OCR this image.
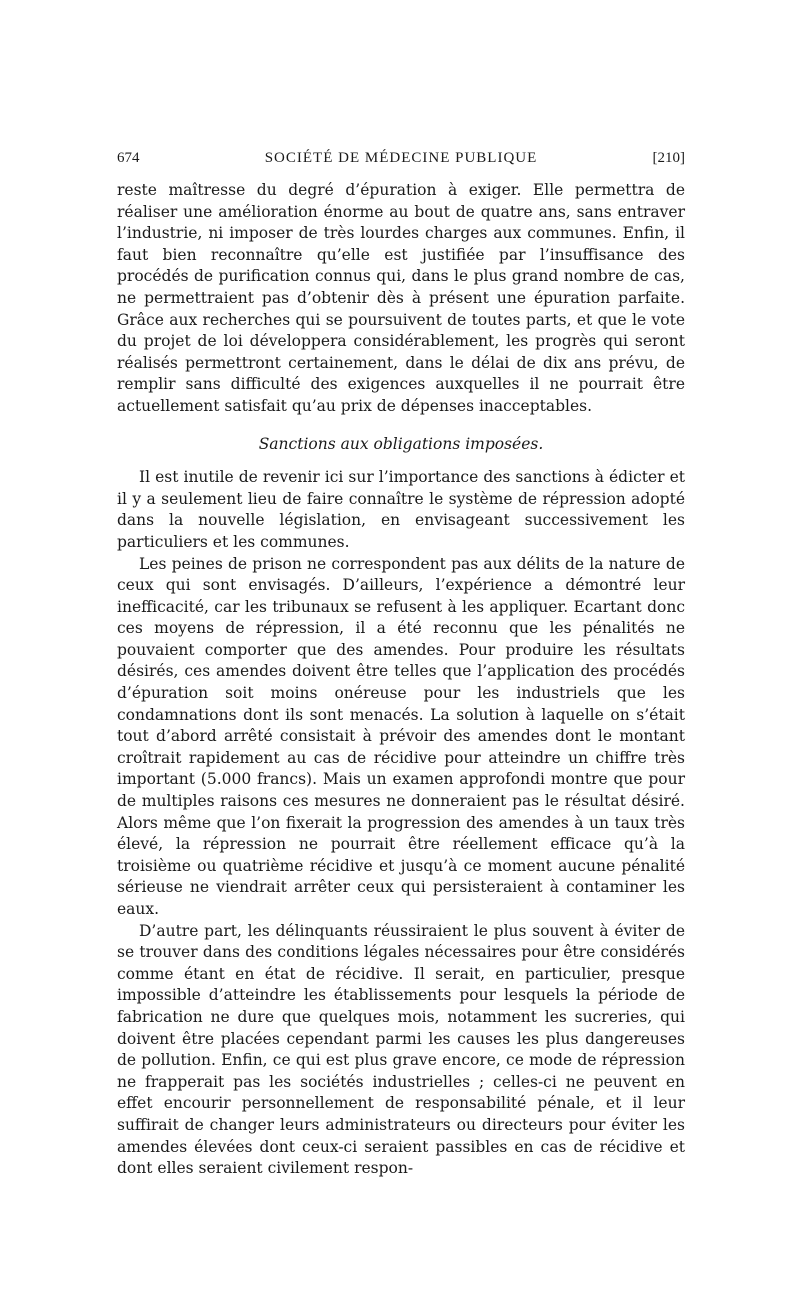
674	SOCIÉTÉ DE MÉDECINE PUBLIQUE	[210]

reste maîtresse du degré d’épuration à exiger. Elle permettra de réaliser une amélioration énorme au bout de quatre ans, sans entraver l’industrie, ni imposer de très lourdes charges aux communes. Enfin, il faut bien reconnaître qu’elle est justifiée par l’insuffisance des procédés de purification connus qui, dans le plus grand nombre de cas, ne permettraient pas d’obtenir dès à présent une épuration parfaite. Grâce aux recherches qui se poursuivent de toutes parts, et que le vote du projet de loi développera considérablement, les progrès qui seront réalisés permettront certainement, dans le délai de dix ans prévu, de remplir sans difficulté des exigences auxquelles il ne pourrait être actuellement satisfait qu’au prix de dépenses inacceptables.

Sanctions aux obligations imposées.

Il est inutile de revenir ici sur l’importance des sanctions à édicter et il y a seulement lieu de faire connaître le système de répression adopté dans la nouvelle législation, en envisageant successivement les particuliers et les communes.

Les peines de prison ne correspondent pas aux délits de la nature de ceux qui sont envisagés. D’ailleurs, l’expérience a démontré leur inefficacité, car les tribunaux se refusent à les appliquer. Ecartant donc ces moyens de répression, il a été reconnu que les pénalités ne pouvaient comporter que des amendes. Pour produire les résultats désirés, ces amendes doivent être telles que l’application des procédés d’épuration soit moins onéreuse pour les industriels que les condamnations dont ils sont menacés. La solution à laquelle on s’était tout d’abord arrêté consistait à prévoir des amendes dont le montant croîtrait rapidement au cas de récidive pour atteindre un chiffre très important (5.000 francs). Mais un examen approfondi montre que pour de multiples raisons ces mesures ne donneraient pas le résultat désiré. Alors même que l’on fixerait la progression des amendes à un taux très élevé, la répression ne pourrait être réellement efficace qu’à la troisième ou quatrième récidive et jusqu’à ce moment aucune pénalité sérieuse ne viendrait arrêter ceux qui persisteraient à contaminer les eaux.

D’autre part, les délinquants réussiraient le plus souvent à éviter de se trouver dans des conditions légales nécessaires pour être considérés comme étant en état de récidive. Il serait, en particulier, presque impossible d’atteindre les établissements pour lesquels la période de fabrication ne dure que quelques mois, notamment les sucreries, qui doivent être placées cependant parmi les causes les plus dangereuses de pollution. Enfin, ce qui est plus grave encore, ce mode de répression ne frapperait pas les sociétés industrielles ; celles-ci ne peuvent en effet encourir personnellement de responsabilité pénale, et il leur suffirait de changer leurs administrateurs ou directeurs pour éviter les amendes élevées dont ceux-ci seraient passibles en cas de récidive et dont elles seraient civilement respon-
